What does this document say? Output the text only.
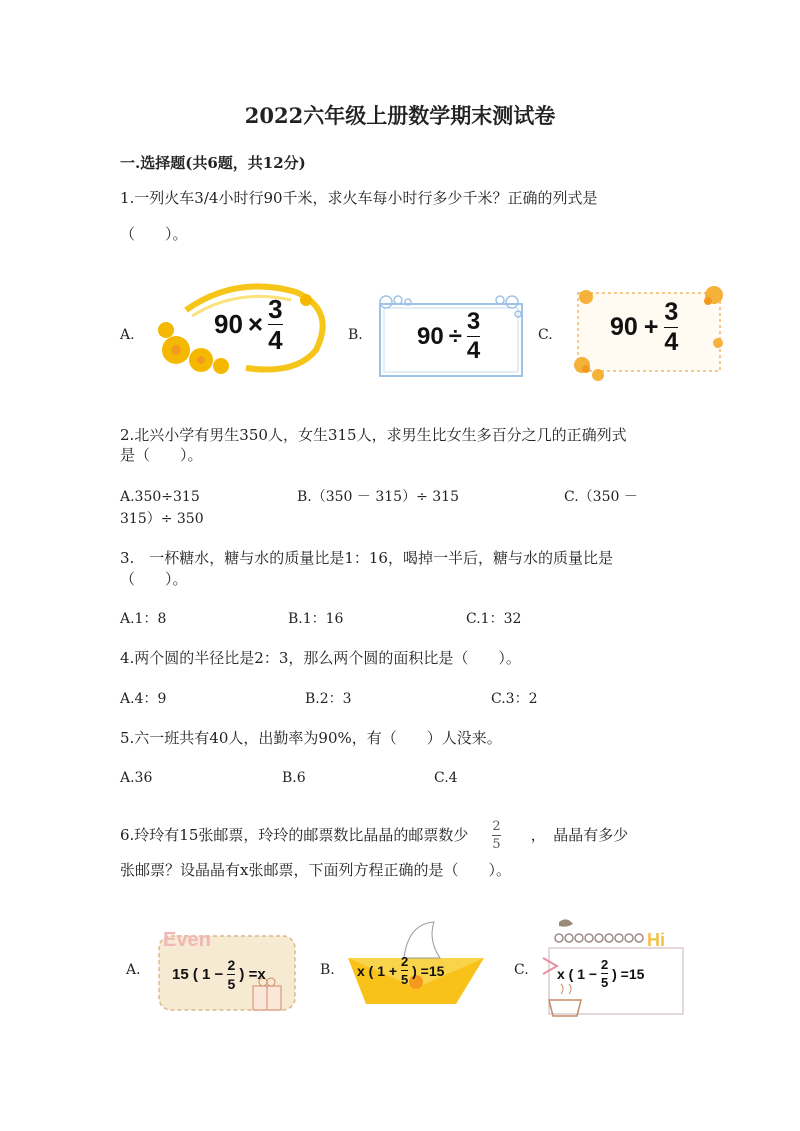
2022六年级上册数学期末测试卷
一.选择题(共6题，共12分)
1.一列火车3/4小时行90千米，求火车每小时行多少千米？正确的列式是
（　　）。
A.	$90 \times \frac{3}{4}$	B. $90 \div \frac{3}{4}$	C. $90 + \frac{3}{4}$
2.北兴小学有男生350人，女生315人，求男生比女生多百分之几的正确列式
是（　　）。
A.350÷315	B.（350 － 315）÷ 315	C.（350 －
315）÷ 350
3.　一杯糖水，糖与水的质量比是1：16，喝掉一半后，糖与水的质量比是
（　　）。
A.1：8	B.1：16	C.1：32
4.两个圆的半径比是2：3，那么两个圆的面积比是（　　）。
A.4：9	B.2：3	C.3：2
5.六一班共有40人，出勤率为90%，有（　　）人没来。
A.36	B.6	C.4
6.玲玲有15张邮票，玲玲的邮票数比晶晶的邮票数少 $\frac{2}{5}$ ，　晶晶有多少
张邮票？设晶晶有x张邮票，下面列方程正确的是（　　）。
A.
Even
15 ( $1 - \frac{2}{5}$ ) =x	B. x ( $1 + \frac{2}{5}$ ) =15	C.
Hi
x ( $1 - \frac{2}{5}$ ) =15
